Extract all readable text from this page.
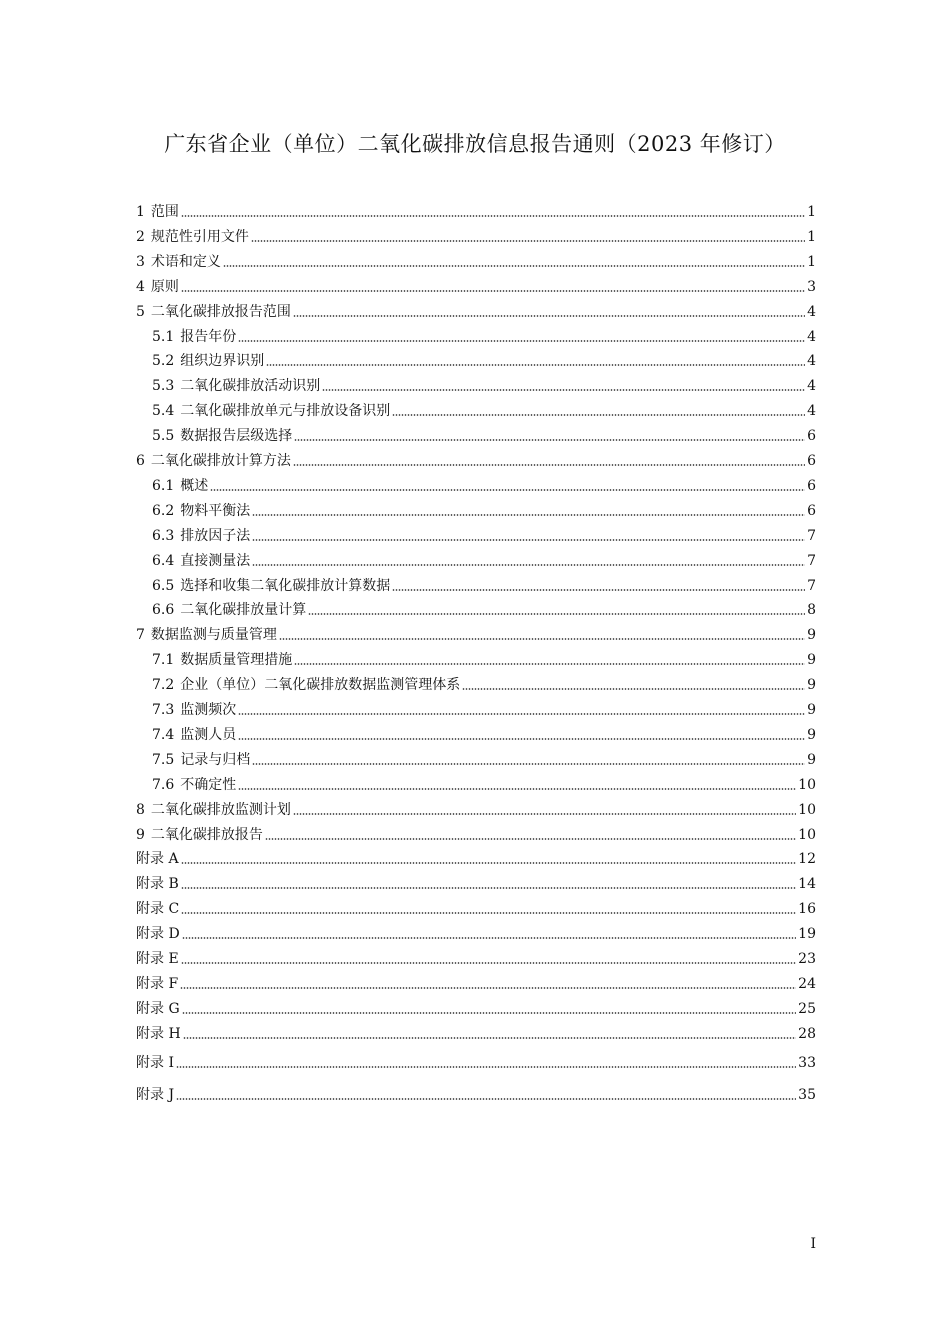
广东省企业（单位）二氧化碳排放信息报告通则（2023 年修订）
1 范围	1
2 规范性引用文件	1
3 术语和定义	1
4 原则	3
5 二氧化碳排放报告范围	4
5.1 报告年份	4
5.2 组织边界识别	4
5.3 二氧化碳排放活动识别	4
5.4 二氧化碳排放单元与排放设备识别	4
5.5 数据报告层级选择	6
6 二氧化碳排放计算方法	6
6.1 概述	6
6.2 物料平衡法	6
6.3 排放因子法	7
6.4 直接测量法	7
6.5 选择和收集二氧化碳排放计算数据	7
6.6 二氧化碳排放量计算	8
7 数据监测与质量管理	9
7.1 数据质量管理措施	9
7.2 企业（单位）二氧化碳排放数据监测管理体系	9
7.3 监测频次	9
7.4 监测人员	9
7.5 记录与归档	9
7.6 不确定性	10
8 二氧化碳排放监测计划	10
9 二氧化碳排放报告	10
附录 A	12
附录 B	14
附录 C	16
附录 D	19
附录 E	23
附录 F	24
附录 G	25
附录 H	28
附录 I	33
附录 J	35
I
